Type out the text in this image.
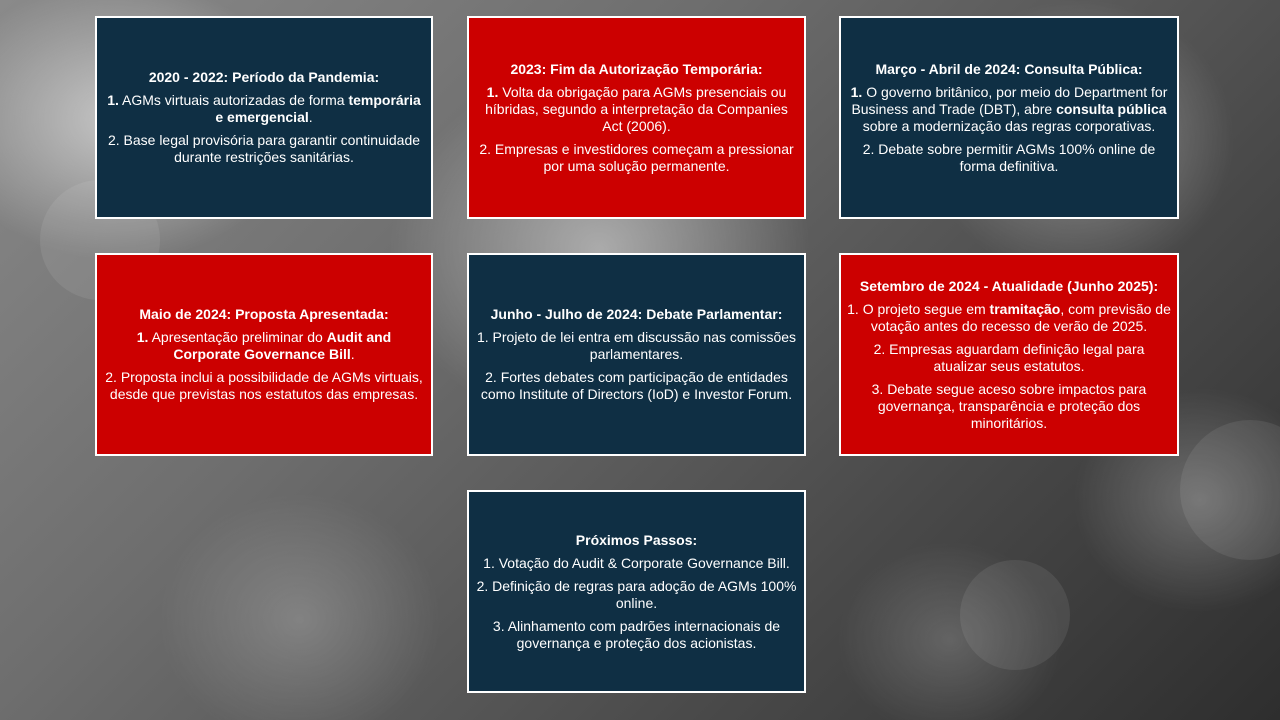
2020 - 2022: Período da Pandemia:

1. AGMs virtuais autorizadas de forma temporária e emergencial.

2. Base legal provisória para garantir continuidade durante restrições sanitárias.

2023: Fim da Autorização Temporária:

1. Volta da obrigação para AGMs presenciais ou híbridas, segundo a interpretação da Companies Act (2006).

2. Empresas e investidores começam a pressionar por uma solução permanente.

Março - Abril de 2024: Consulta Pública:

1. O governo britânico, por meio do Department for Business and Trade (DBT), abre consulta pública sobre a modernização das regras corporativas.

2. Debate sobre permitir AGMs 100% online de forma definitiva.

Maio de 2024: Proposta Apresentada:

1. Apresentação preliminar do Audit and Corporate Governance Bill.

2. Proposta inclui a possibilidade de AGMs virtuais, desde que previstas nos estatutos das empresas.

Junho - Julho de 2024: Debate Parlamentar:

1. Projeto de lei entra em discussão nas comissões parlamentares.

2. Fortes debates com participação de entidades como Institute of Directors (IoD) e Investor Forum.

Setembro de 2024 - Atualidade (Junho 2025):

1. O projeto segue em tramitação, com previsão de votação antes do recesso de verão de 2025.

2. Empresas aguardam definição legal para atualizar seus estatutos.

3. Debate segue aceso sobre impactos para governança, transparência e proteção dos minoritários.

Próximos Passos:

1. Votação do Audit & Corporate Governance Bill.

2. Definição de regras para adoção de AGMs 100% online.

3. Alinhamento com padrões internacionais de governança e proteção dos acionistas.
